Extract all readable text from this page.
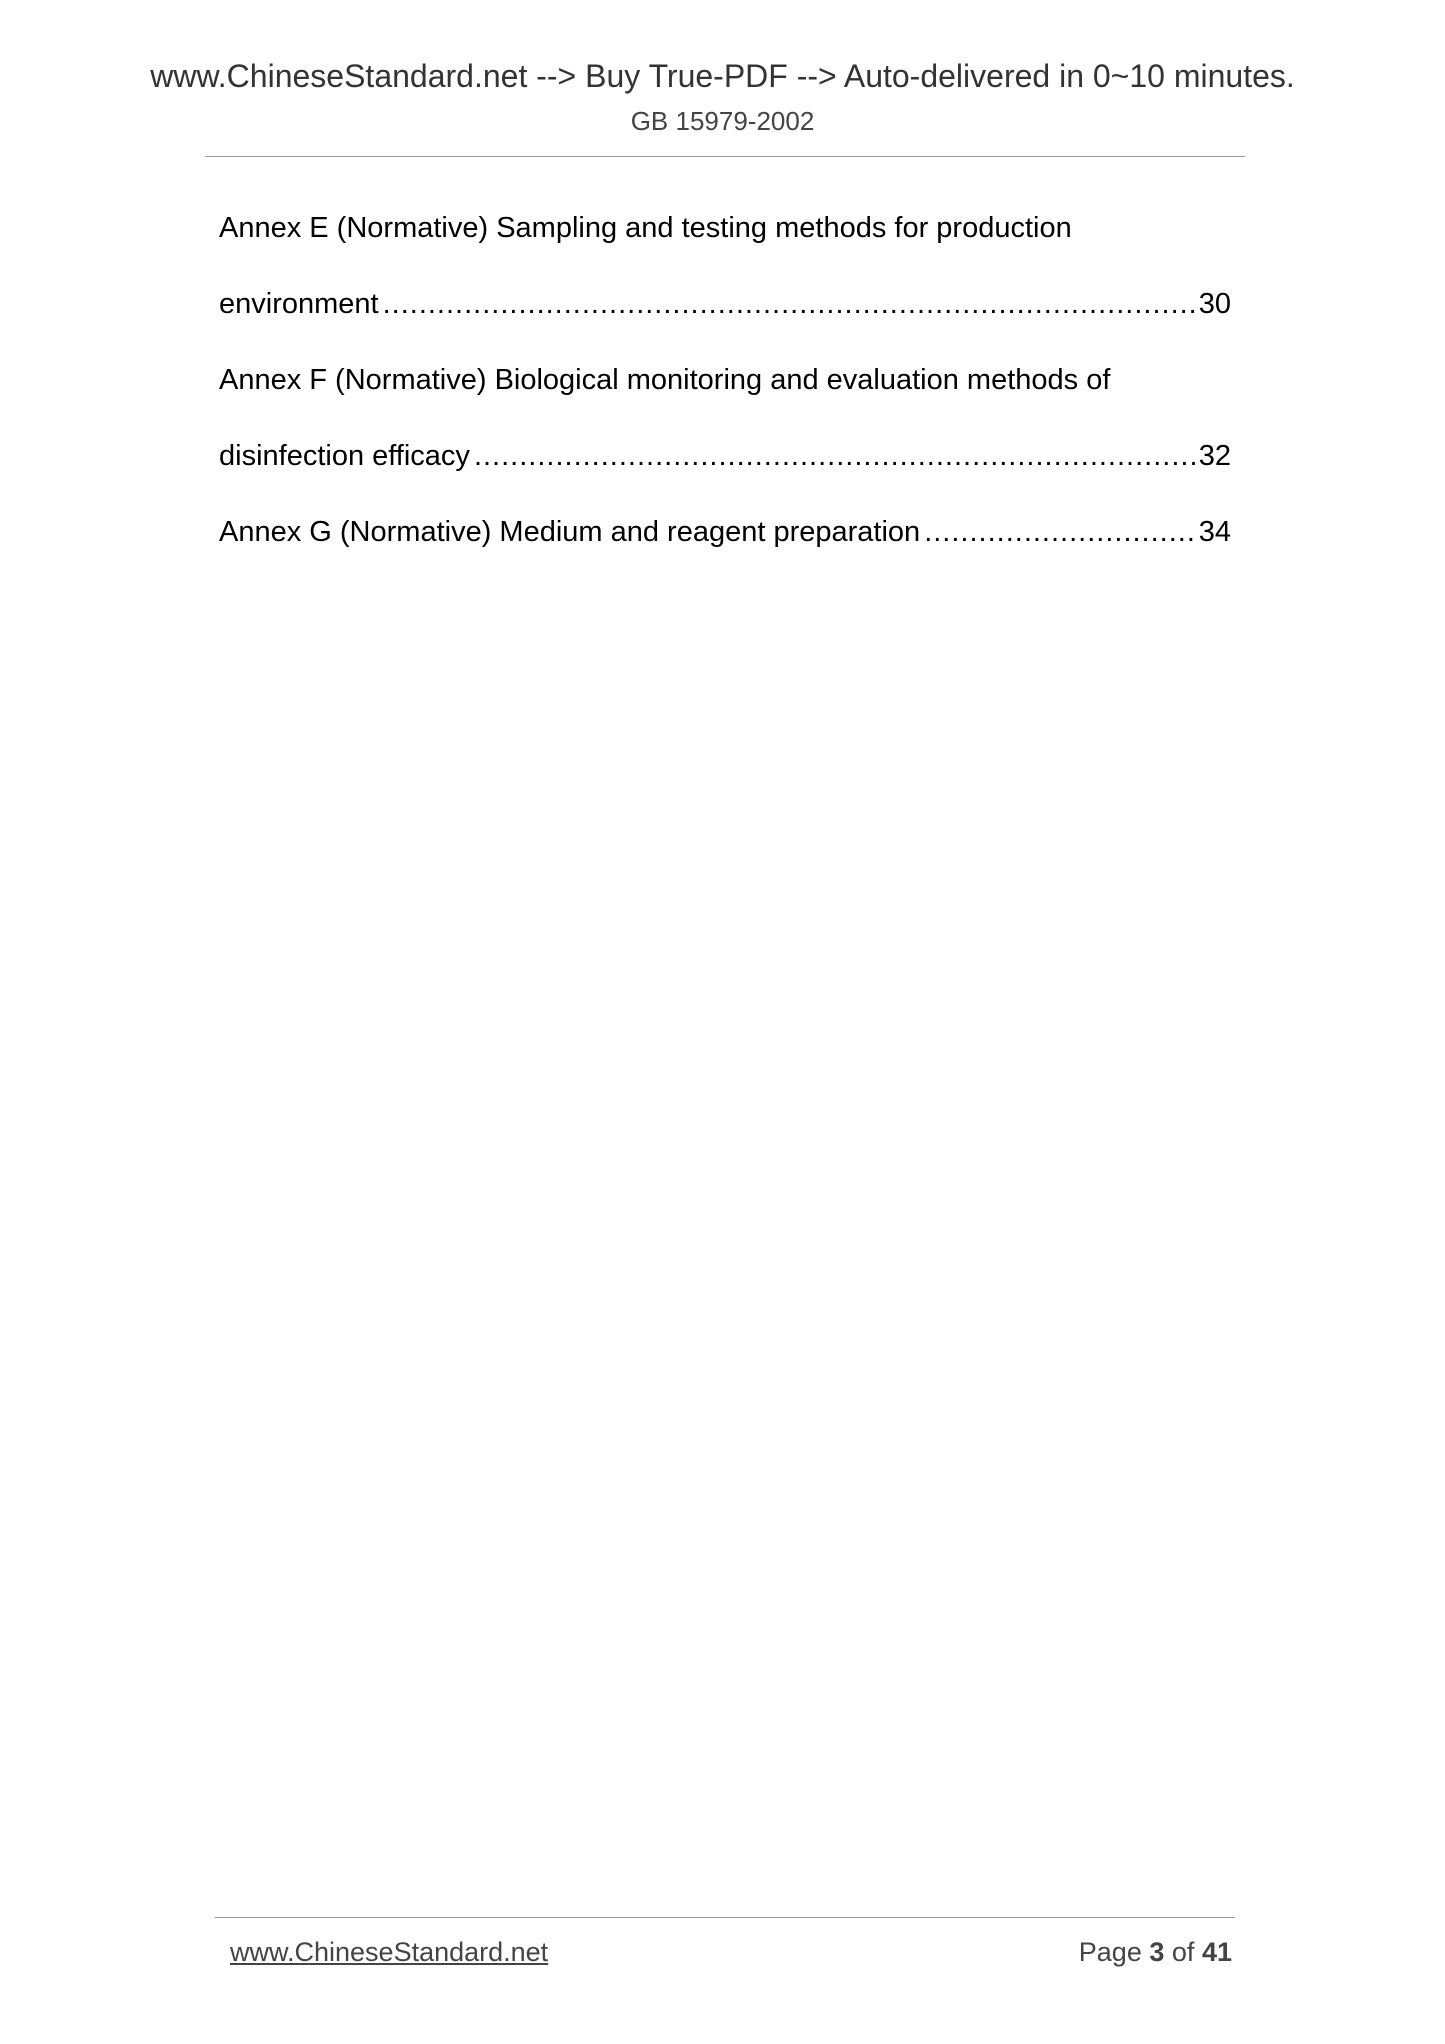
www.ChineseStandard.net --> Buy True-PDF --> Auto-delivered in 0~10 minutes.
GB 15979-2002
Annex E (Normative) Sampling and testing methods for production
environment .....	30
Annex F (Normative) Biological monitoring and evaluation methods of
disinfection efficacy .....	32
Annex G (Normative) Medium and reagent preparation .....	34
www.ChineseStandard.net	Page 3 of 41
